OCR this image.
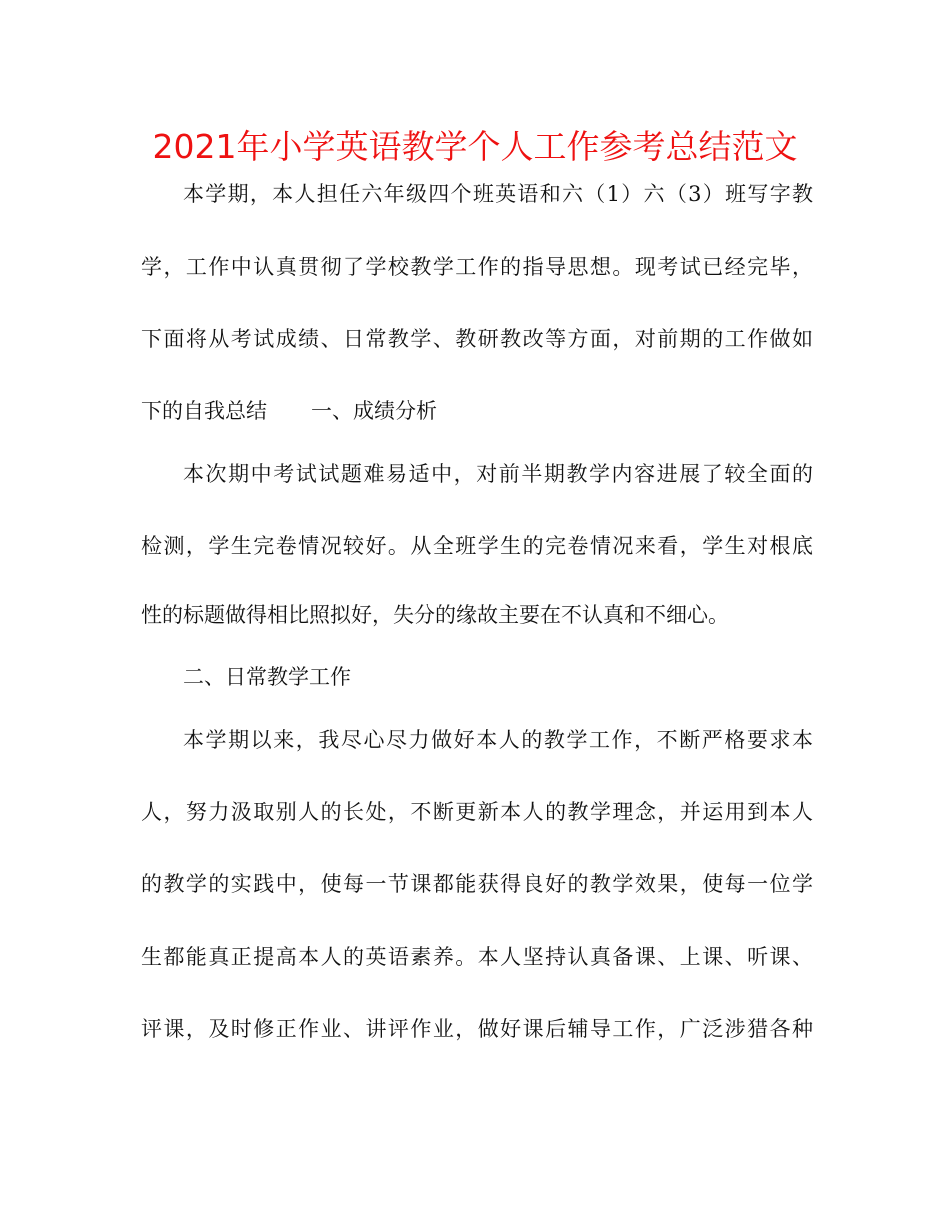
2021年小学英语教学个人工作参考总结范文

本学期，本人担任六年级四个班英语和六（1）六（3）班写字教

学，工作中认真贯彻了学校教学工作的指导思想。现考试已经完毕，

下面将从考试成绩、日常教学、教研教改等方面，对前期的工作做如

下的自我总结 一、成绩分析

本次期中考试试题难易适中，对前半期教学内容进展了较全面的

检测，学生完卷情况较好。从全班学生的完卷情况来看，学生对根底

性的标题做得相比照拟好，失分的缘故主要在不认真和不细心。

二、日常教学工作

本学期以来，我尽心尽力做好本人的教学工作，不断严格要求本

人，努力汲取别人的长处，不断更新本人的教学理念，并运用到本人

的教学的实践中，使每一节课都能获得良好的教学效果，使每一位学

生都能真正提高本人的英语素养。本人坚持认真备课、上课、听课、

评课，及时修正作业、讲评作业，做好课后辅导工作，广泛涉猎各种
